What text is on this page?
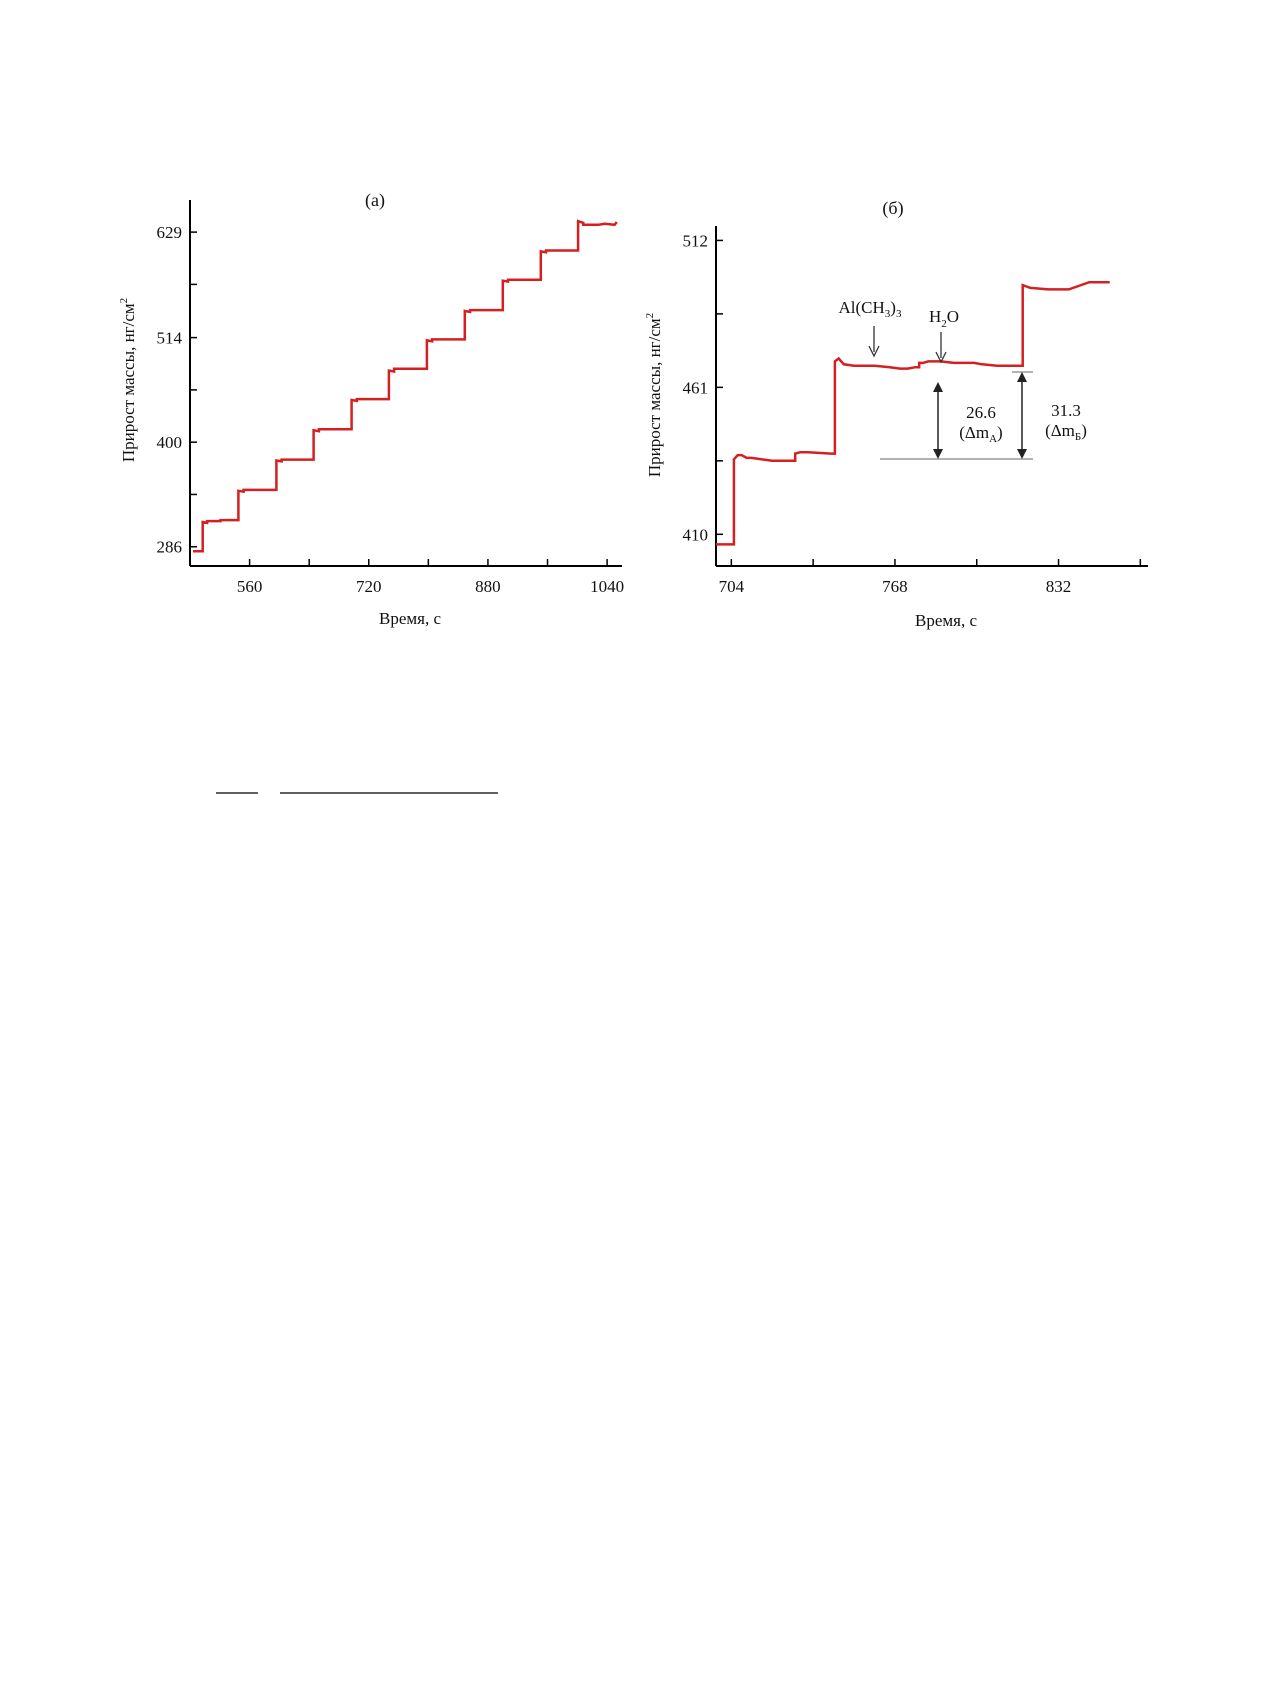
(а)
560	720	880	1040
286
400
514
629
Время, с
Прирост массы, $нг/см^2$
(б)
704	768	832
410
461
512
$Al(CH_3)_3$ $H_2O$
26.6
$(\Delta m_А)$
31.3
$(\Delta m_Б)$
Время, с
Прирост массы, $нг/см^2$
